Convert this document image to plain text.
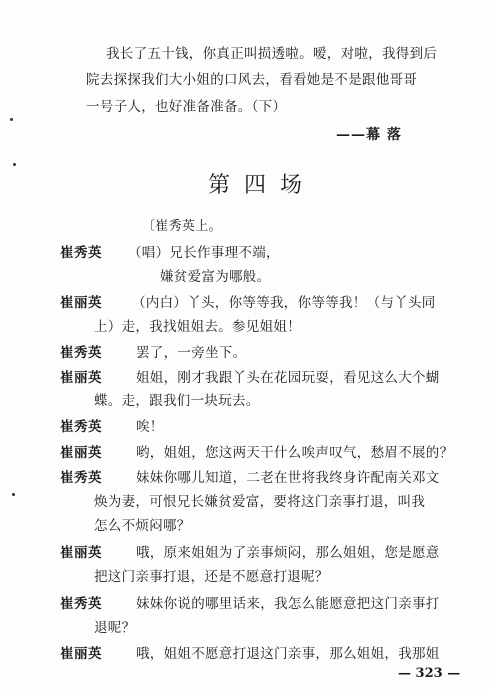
我长了五十钱，你真正叫损透啦。嗳，对啦，我得到后
院去探探我们大小姐的口风去，看看她是不是跟他哥哥
一号子人，也好准备准备。（下）
——幕 落
第四场
〔崔秀英上。
崔秀英 （唱）兄长作事理不端，
嫌贫爱富为哪般。
崔丽英 （内白）丫头，你等等我，你等等我！（与丫头同
上）走，我找姐姐去。参见姐姐！
崔秀英	罢了，一旁坐下。
崔丽英	姐姐，刚才我跟丫头在花园玩耍，看见这么大个蝴
蝶。走，跟我们一块玩去。
崔秀英	唉！
崔丽英	哟，姐姐，您这两天干什么唉声叹气，愁眉不展的？
崔秀英	妹妹你哪儿知道，二老在世将我终身许配南关邓文
焕为妻，可恨兄长嫌贫爱富，要将这门亲事打退，叫我
怎么不烦闷哪？
崔丽英	哦，原来姐姐为了亲事烦闷，那么姐姐，您是愿意
把这门亲事打退，还是不愿意打退呢？
崔秀英	妹妹你说的哪里话来，我怎么能愿意把这门亲事打
退呢？
崔丽英	哦，姐姐不愿意打退这门亲事，那么姐姐，我那姐
— 323 —
